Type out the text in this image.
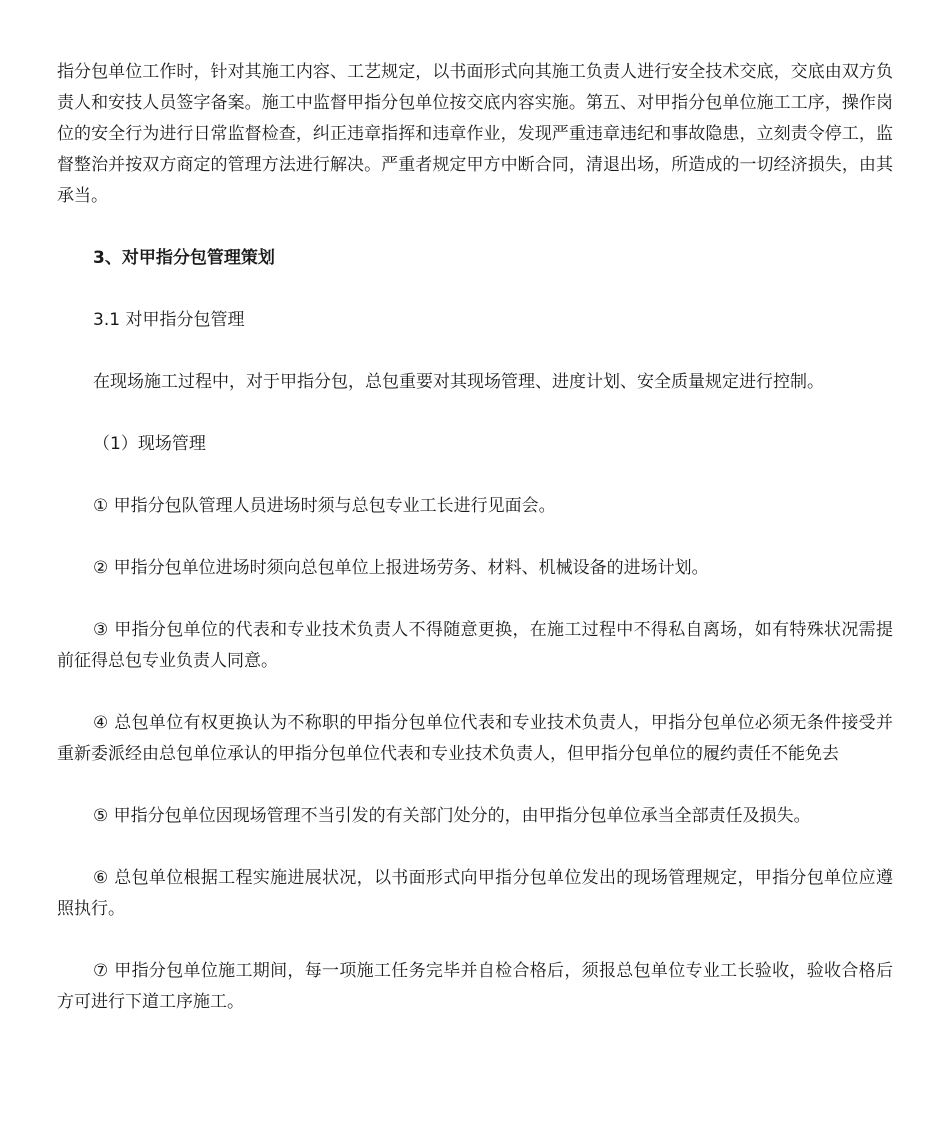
指分包单位工作时，针对其施工内容、工艺规定，以书面形式向其施工负责人进行安全技术交底，交底由双方负责人和安技人员签字备案。施工中监督甲指分包单位按交底内容实施。第五、对甲指分包单位施工工序，操作岗位的安全行为进行日常监督检查，纠正违章指挥和违章作业，发现严重违章违纪和事故隐患，立刻责令停工，监督整治并按双方商定的管理方法进行解决。严重者规定甲方中断合同，清退出场，所造成的一切经济损失，由其承当。

3、对甲指分包管理策划

3.1 对甲指分包管理

在现场施工过程中，对于甲指分包，总包重要对其现场管理、进度计划、安全质量规定进行控制。

（1）现场管理

① 甲指分包队管理人员进场时须与总包专业工长进行见面会。

② 甲指分包单位进场时须向总包单位上报进场劳务、材料、机械设备的进场计划。

③ 甲指分包单位的代表和专业技术负责人不得随意更换，在施工过程中不得私自离场，如有特殊状况需提前征得总包专业负责人同意。

④ 总包单位有权更换认为不称职的甲指分包单位代表和专业技术负责人，甲指分包单位必须无条件接受并重新委派经由总包单位承认的甲指分包单位代表和专业技术负责人，但甲指分包单位的履约责任不能免去

⑤ 甲指分包单位因现场管理不当引发的有关部门处分的，由甲指分包单位承当全部责任及损失。

⑥ 总包单位根据工程实施进展状况，以书面形式向甲指分包单位发出的现场管理规定，甲指分包单位应遵照执行。

⑦ 甲指分包单位施工期间，每一项施工任务完毕并自检合格后，须报总包单位专业工长验收，验收合格后方可进行下道工序施工。
